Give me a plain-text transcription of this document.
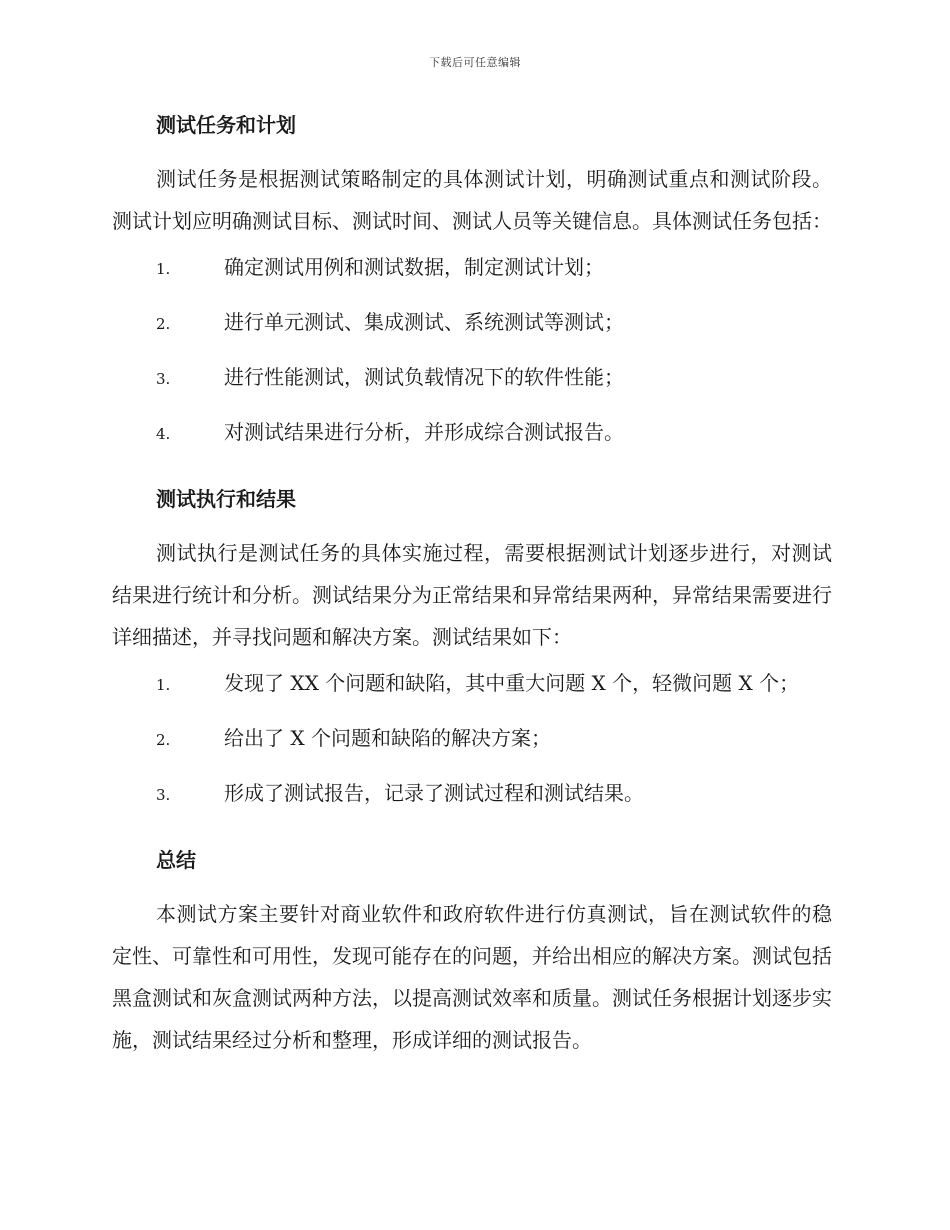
下载后可任意编辑
测试任务和计划

测试任务是根据测试策略制定的具体测试计划，明确测试重点和测试阶段。测试计划应明确测试目标、测试时间、测试人员等关键信息。具体测试任务包括：

1.	确定测试用例和测试数据，制定测试计划；
2.	进行单元测试、集成测试、系统测试等测试；
3.	进行性能测试，测试负载情况下的软件性能；
4.	对测试结果进行分析，并形成综合测试报告。
测试执行和结果

测试执行是测试任务的具体实施过程，需要根据测试计划逐步进行，对测试结果进行统计和分析。测试结果分为正常结果和异常结果两种，异常结果需要进行详细描述，并寻找问题和解决方案。测试结果如下：

1.	发现了 XX 个问题和缺陷，其中重大问题 X 个，轻微问题 X 个；
2.	给出了 X 个问题和缺陷的解决方案；
3.	形成了测试报告，记录了测试过程和测试结果。
总结

本测试方案主要针对商业软件和政府软件进行仿真测试，旨在测试软件的稳定性、可靠性和可用性，发现可能存在的问题，并给出相应的解决方案。测试包括黑盒测试和灰盒测试两种方法，以提高测试效率和质量。测试任务根据计划逐步实施，测试结果经过分析和整理，形成详细的测试报告。
